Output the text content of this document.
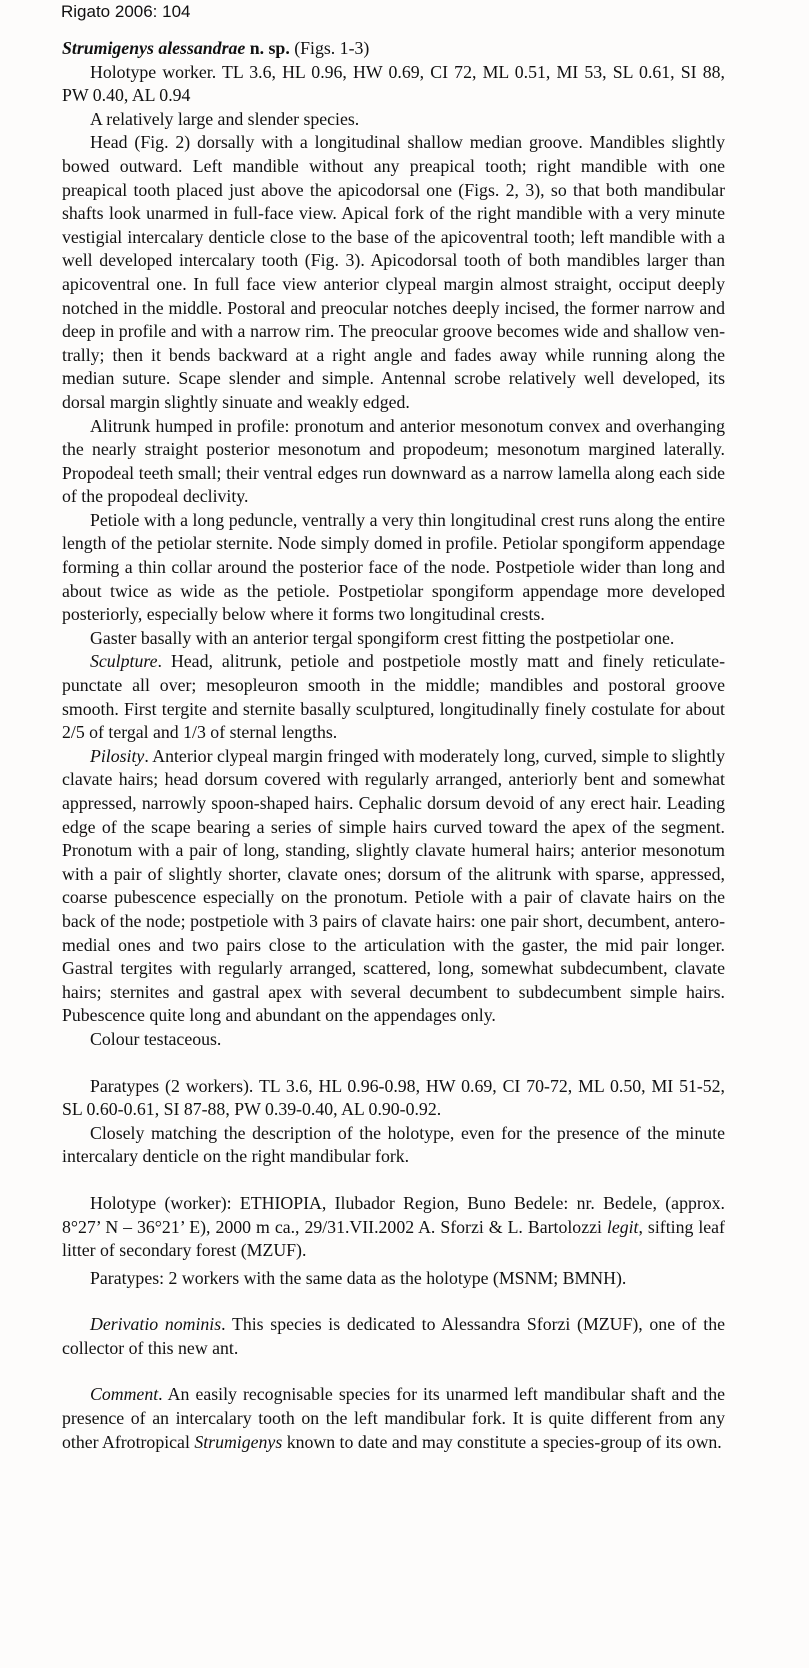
Rigato 2006: 104

Strumigenys alessandrae n. sp. (Figs. 1-3)

Holotype worker. TL 3.6, HL 0.96, HW 0.69, CI 72, ML 0.51, MI 53, SL 0.61, SI 88, PW 0.40, AL 0.94

A relatively large and slender species.

Head (Fig. 2) dorsally with a longitudinal shallow median groove. Mandibles slightly bowed outward. Left mandible without any preapical tooth; right mandible with one preapical tooth placed just above the apicodorsal one (Figs. 2, 3), so that both mandibular shafts look unarmed in full-face view. Apical fork of the right mandible with a very minute vestigial intercalary denticle close to the base of the apicoventral tooth; left mandible with a well developed intercalary tooth (Fig. 3). Apicodorsal tooth of both mandibles larger than apicoventral one. In full face view anterior clypeal margin almost straight, occiput deeply notched in the middle. Postoral and preocular notches deeply incised, the former narrow and deep in profile and with a narrow rim. The preocular groove becomes wide and shallow ventrally; then it bends backward at a right angle and fades away while running along the median suture. Scape slender and simple. Antennal scrobe relatively well developed, its dorsal margin slightly sinuate and weakly edged.

Alitrunk humped in profile: pronotum and anterior mesonotum convex and overhanging the nearly straight posterior mesonotum and propodeum; mesonotum margined laterally. Propodeal teeth small; their ventral edges run downward as a narrow lamella along each side of the propodeal declivity.

Petiole with a long peduncle, ventrally a very thin longitudinal crest runs along the entire length of the petiolar sternite. Node simply domed in profile. Petiolar spongiform appendage forming a thin collar around the posterior face of the node. Postpetiole wider than long and about twice as wide as the petiole. Postpetiolar spongiform appendage more developed posteriorly, especially below where it forms two longitudinal crests.

Gaster basally with an anterior tergal spongiform crest fitting the postpetiolar one.

Sculpture. Head, alitrunk, petiole and postpetiole mostly matt and finely reticulate-punctate all over; mesopleuron smooth in the middle; mandibles and postoral groove smooth. First tergite and sternite basally sculptured, longitudinally finely costulate for about 2/5 of tergal and 1/3 of sternal lengths.

Pilosity. Anterior clypeal margin fringed with moderately long, curved, simple to slightly clavate hairs; head dorsum covered with regularly arranged, anteriorly bent and somewhat appressed, narrowly spoon-shaped hairs. Cephalic dorsum devoid of any erect hair. Leading edge of the scape bearing a series of simple hairs curved toward the apex of the segment. Pronotum with a pair of long, standing, slightly clavate humeral hairs; anterior mesonotum with a pair of slightly shorter, clavate ones; dorsum of the alitrunk with sparse, appressed, coarse pubescence especially on the pronotum. Petiole with a pair of clavate hairs on the back of the node; postpetiole with 3 pairs of clavate hairs: one pair short, decumbent, anteromedial ones and two pairs close to the articulation with the gaster, the mid pair longer. Gastral tergites with regularly arranged, scattered, long, somewhat subdecumbent, clavate hairs; sternites and gastral apex with several decumbent to subdecumbent simple hairs. Pubescence quite long and abundant on the appendages only.

Colour testaceous.

Paratypes (2 workers). TL 3.6, HL 0.96-0.98, HW 0.69, CI 70-72, ML 0.50, MI 51-52, SL 0.60-0.61, SI 87-88, PW 0.39-0.40, AL 0.90-0.92.

Closely matching the description of the holotype, even for the presence of the minute intercalary denticle on the right mandibular fork.

Holotype (worker): ETHIOPIA, Ilubador Region, Buno Bedele: nr. Bedele, (approx. 8°27’ N – 36°21’ E), 2000 m ca., 29/31.VII.2002 A. Sforzi & L. Bartolozzi legit, sifting leaf litter of secondary forest (MZUF).

Paratypes: 2 workers with the same data as the holotype (MSNM; BMNH).

Derivatio nominis. This species is dedicated to Alessandra Sforzi (MZUF), one of the collector of this new ant.

Comment. An easily recognisable species for its unarmed left mandibular shaft and the presence of an intercalary tooth on the left mandibular fork. It is quite different from any other Afrotropical Strumigenys known to date and may constitute a species-group of its own.
